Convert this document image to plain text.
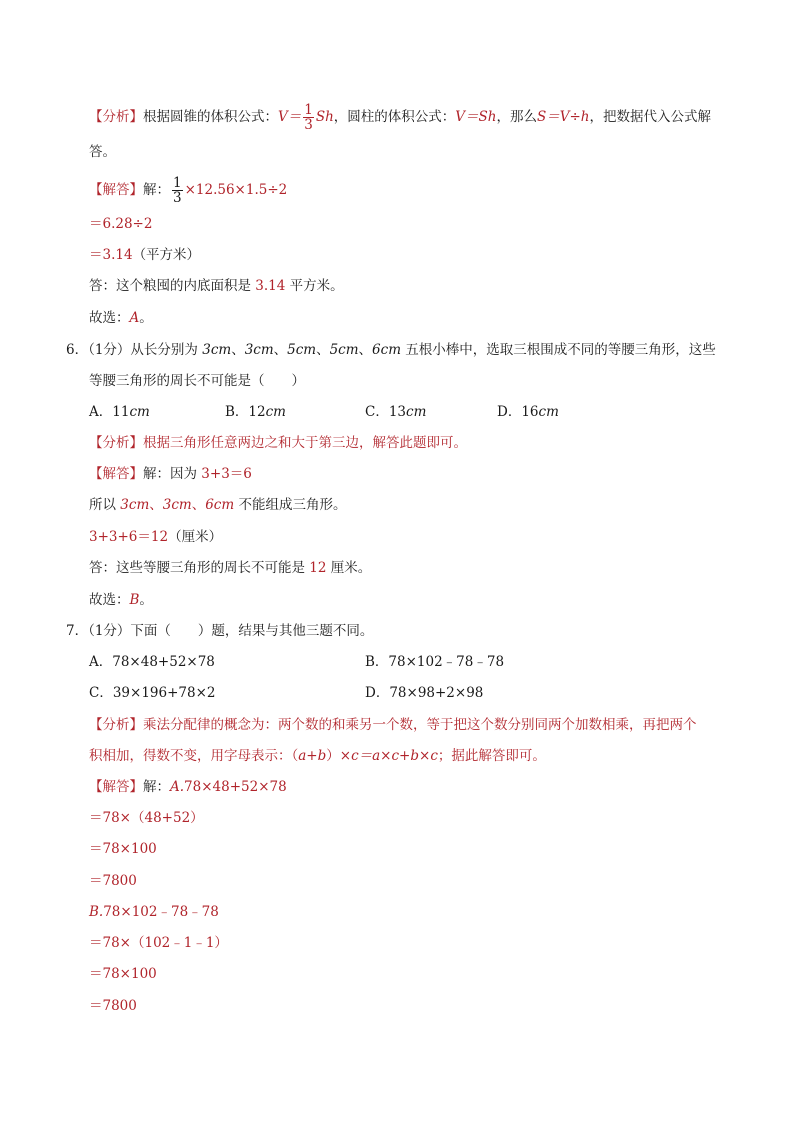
【分析】根据圆锥的体积公式：$V= \frac{1}{3}$ Sh，圆柱的体积公式：V＝Sh，那么S＝V÷h，把数据代入公式解
答。
【解答】解： $\frac{1}{3} \times 12.56\times 1.5\div 2$
＝6.28÷2
＝3.14（平方米）
答：这个粮囤的内底面积是 3.14 平方米。
故选：A。
6．（1分）从长分别为 3cm、3cm、5cm、5cm、6cm 五根小棒中，选取三根围成不同的等腰三角形，这些
等腰三角形的周长不可能是（　　）
A．11cm	B．12cm	C．13cm	D．16cm
【分析】根据三角形任意两边之和大于第三边，解答此题即可。
【解答】解：因为 3+3＝6
所以 3cm、3cm、6cm 不能组成三角形。
3+3+6＝12（厘米）
答：这些等腰三角形的周长不可能是 12 厘米。
故选：B。
7．（1分）下面（　　）题，结果与其他三题不同。
A．78×48+52×78	B．78×102﹣78﹣78
C．39×196+78×2	D．78×98+2×98
【分析】乘法分配律的概念为：两个数的和乘另一个数，等于把这个数分别同两个加数相乘，再把两个
积相加，得数不变，用字母表示：（a+b）×c＝a×c+b×c；据此解答即可。
【解答】解：A.78×48+52×78
＝78×（48+52）
＝78×100
＝7800
B.78×102﹣78﹣78
＝78×（102﹣1﹣1）
＝78×100
＝7800
